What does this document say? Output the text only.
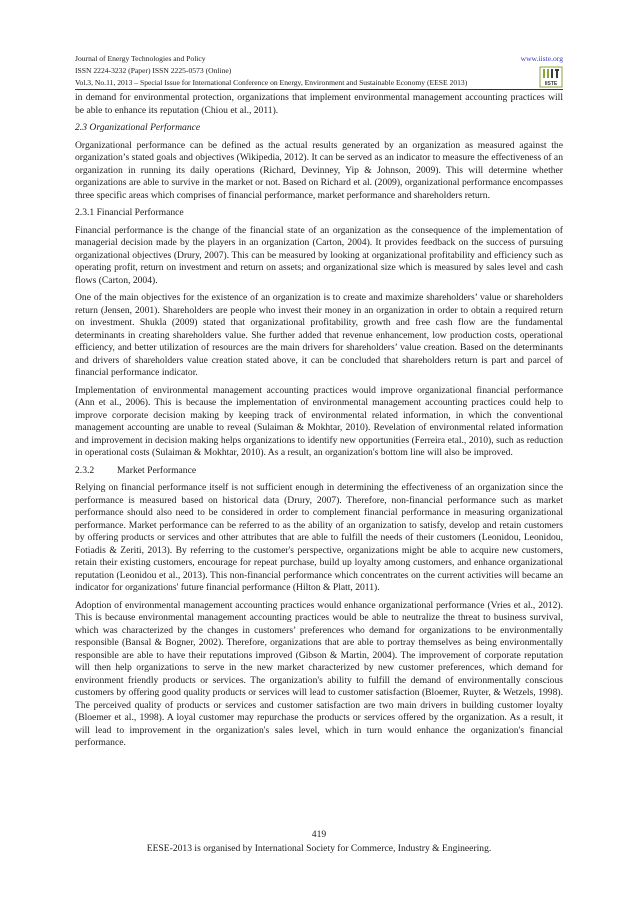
Journal of Energy Technologies and Policy	www.iiste.org
ISSN 2224-3232 (Paper) ISSN 2225-0573 (Online)
Vol.3, No.11, 2013 – Special Issue for International Conference on Energy, Environment and Sustainable Economy (EESE 2013)	IISTE

in demand for environmental protection, organizations that implement environmental management accounting practices will be able to enhance its reputation (Chiou et al., 2011).

2.3 Organizational Performance

Organizational performance can be defined as the actual results generated by an organization as measured against the organization’s stated goals and objectives (Wikipedia, 2012). It can be served as an indicator to measure the effectiveness of an organization in running its daily operations (Richard, Devinney, Yip & Johnson, 2009). This will determine whether organizations are able to survive in the market or not. Based on Richard et al. (2009), organizational performance encompasses three specific areas which comprises of financial performance, market performance and shareholders return.

2.3.1 Financial Performance

Financial performance is the change of the financial state of an organization as the consequence of the implementation of managerial decision made by the players in an organization (Carton, 2004). It provides feedback on the success of pursuing organizational objectives (Drury, 2007). This can be measured by looking at organizational profitability and efficiency such as operating profit, return on investment and return on assets; and organizational size which is measured by sales level and cash flows (Carton, 2004).

One of the main objectives for the existence of an organization is to create and maximize shareholders’ value or shareholders return (Jensen, 2001). Shareholders are people who invest their money in an organization in order to obtain a required return on investment. Shukla (2009) stated that organizational profitability, growth and free cash flow are the fundamental determinants in creating shareholders value. She further added that revenue enhancement, low production costs, operational efficiency, and better utilization of resources are the main drivers for shareholders’ value creation. Based on the determinants and drivers of shareholders value creation stated above, it can be concluded that shareholders return is part and parcel of financial performance indicator.

Implementation of environmental management accounting practices would improve organizational financial performance (Ann et al., 2006). This is because the implementation of environmental management accounting practices could help to improve corporate decision making by keeping track of environmental related information, in which the conventional management accounting are unable to reveal (Sulaiman & Mokhtar, 2010). Revelation of environmental related information and improvement in decision making helps organizations to identify new opportunities (Ferreira etal., 2010), such as reduction in operational costs (Sulaiman & Mokhtar, 2010). As a result, an organization's bottom line will also be improved.

2.3.2 Market Performance

Relying on financial performance itself is not sufficient enough in determining the effectiveness of an organization since the performance is measured based on historical data (Drury, 2007). Therefore, non-financial performance such as market performance should also need to be considered in order to complement financial performance in measuring organizational performance. Market performance can be referred to as the ability of an organization to satisfy, develop and retain customers by offering products or services and other attributes that are able to fulfill the needs of their customers (Leonidou, Leonidou, Fotiadis & Zeriti, 2013). By referring to the customer's perspective, organizations might be able to acquire new customers, retain their existing customers, encourage for repeat purchase, build up loyalty among customers, and enhance organizational reputation (Leonidou et al., 2013). This non-financial performance which concentrates on the current activities will became an indicator for organizations' future financial performance (Hilton & Platt, 2011).

Adoption of environmental management accounting practices would enhance organizational performance (Vries et al., 2012). This is because environmental management accounting practices would be able to neutralize the threat to business survival, which was characterized by the changes in customers’ preferences who demand for organizations to be environmentally responsible (Bansal & Bogner, 2002). Therefore, organizations that are able to portray themselves as being environmentally responsible are able to have their reputations improved (Gibson & Martin, 2004). The improvement of corporate reputation will then help organizations to serve in the new market characterized by new customer preferences, which demand for environment friendly products or services. The organization's ability to fulfill the demand of environmentally conscious customers by offering good quality products or services will lead to customer satisfaction (Bloemer, Ruyter, & Wetzels, 1998). The perceived quality of products or services and customer satisfaction are two main drivers in building customer loyalty (Bloemer et al., 1998). A loyal customer may repurchase the products or services offered by the organization. As a result, it will lead to improvement in the organization's sales level, which in turn would enhance the organization's financial performance.

419
EESE-2013 is organised by International Society for Commerce, Industry & Engineering.
